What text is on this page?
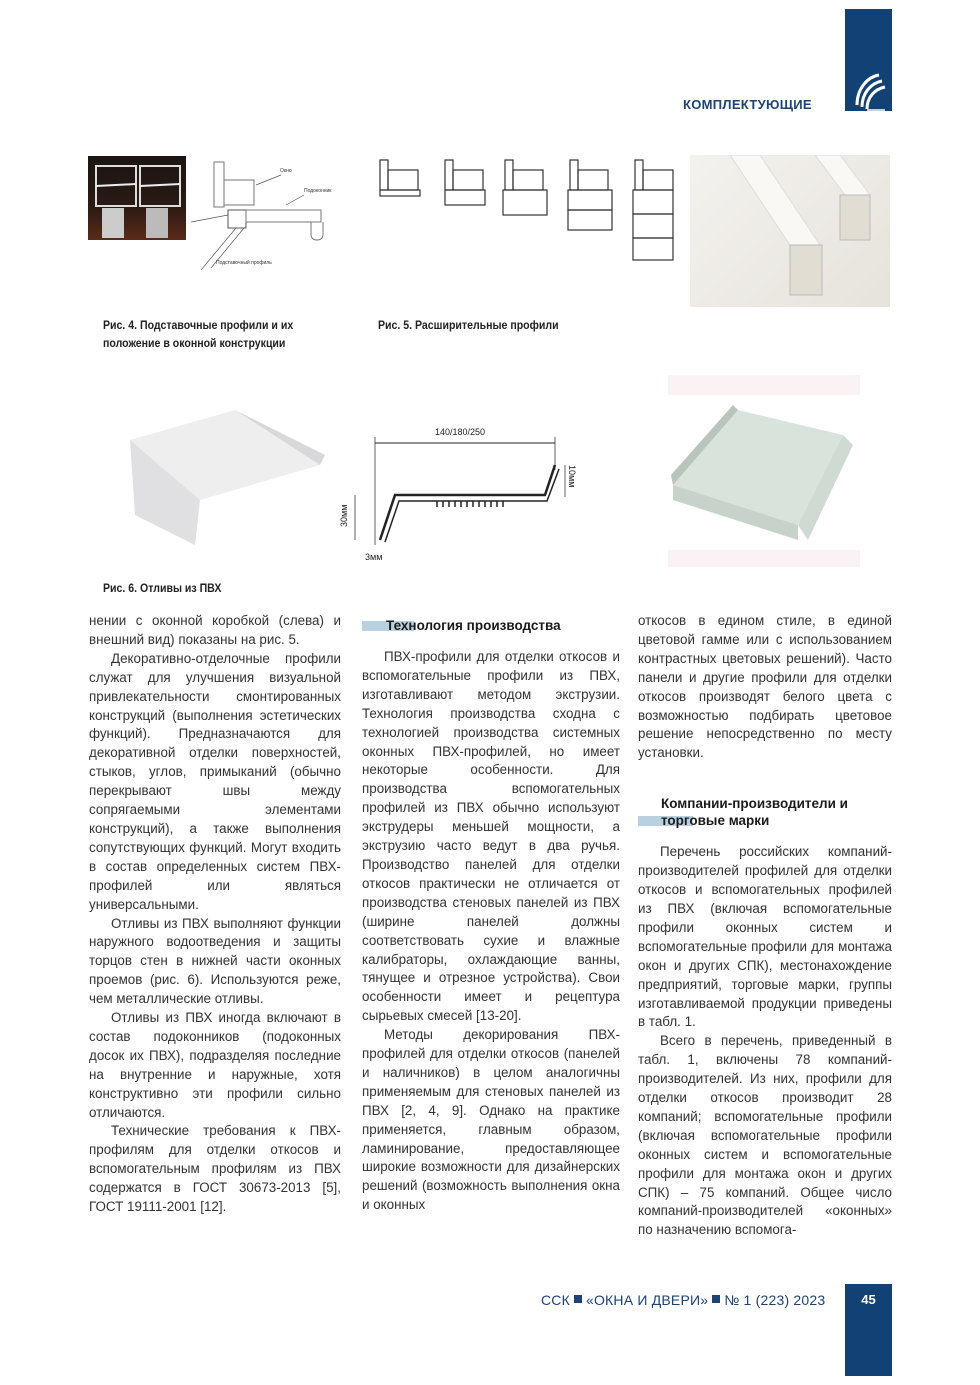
КОМПЛЕКТУЮЩИЕ
Окно
Подоконник
Подставочный профиль
Рис. 4. Подставочные профили и их
положение в оконной конструкции
Рис. 5. Расширительные профили
140/180/250
30мм
10мм
3мм
Рис. 6. Отливы из ПВХ

нении с оконной коробкой (слева) и внешний вид) показаны на рис. 5.

Декоративно-отделочные профили служат для улучшения визуальной привлекательности смонтированных конструкций (выполнения эстетических функций). Предназначаются для декоративной отделки поверхностей, стыков, углов, примыканий (обычно перекрывают швы между сопрягаемыми элементами конструкций), а также выполнения сопутствующих функций. Могут входить в состав определенных систем ПВХ-профилей или являться универсальными.

Отливы из ПВХ выполняют функции наружного водоотведения и защиты торцов стен в нижней части оконных проемов (рис. 6). Используются реже, чем металлические отливы.

Отливы из ПВХ иногда включают в состав подоконников (подоконных досок их ПВХ), подразделяя последние на внутренние и наружные, хотя конструктивно эти профили сильно отличаются.

Технические требования к ПВХ-профилям для отделки откосов и вспомогательным профилям из ПВХ содержатся в ГОСТ 30673-2013 [5], ГОСТ 19111-2001 [12].

Технология производства

ПВХ-профили для отделки откосов и вспомогательные профили из ПВХ, изготавливают методом экструзии. Технология производства сходна с технологией производства системных оконных ПВХ-профилей, но имеет некоторые особенности. Для производства вспомогательных профилей из ПВХ обычно используют экструдеры меньшей мощности, а экструзию часто ведут в два ручья. Производство панелей для отделки откосов практически не отличается от производства стеновых панелей из ПВХ (ширине панелей должны соответствовать сухие и влажные калибраторы, охлаждающие ванны, тянущее и отрезное устройства). Свои особенности имеет и рецептура сырьевых смесей [13-20].

Методы декорирования ПВХ-профилей для отделки откосов (панелей и наличников) в целом аналогичны применяемым для стеновых панелей из ПВХ [2, 4, 9]. Однако на практике применяется, главным образом, ламинирование, предоставляющее широкие возможности для дизайнерских решений (возможность выполнения окна и оконных

откосов в едином стиле, в единой цветовой гамме или с использованием контрастных цветовых решений). Часто панели и другие профили для отделки откосов производят белого цвета с возможностью подбирать цветовое решение непосредственно по месту установки.

Компании-производители и
торговые марки

Перечень российских компаний-производителей профилей для отделки откосов и вспомогательных профилей из ПВХ (включая вспомогательные профили оконных систем и вспомогательные профили для монтажа окон и других СПК), местонахождение предприятий, торговые марки, группы изготавливаемой продукции приведены в табл. 1.

Всего в перечень, приведенный в табл. 1, включены 78 компаний-производителей. Из них, профили для отделки откосов производит 28 компаний; вспомогательные профили (включая вспомогательные профили оконных систем и вспомогательные профили для монтажа окон и других СПК) – 75 компаний. Общее число компаний-производителей «оконных» по назначению вспомога-

ССК «ОКНА И ДВЕРИ» № 1 (223) 2023	45
